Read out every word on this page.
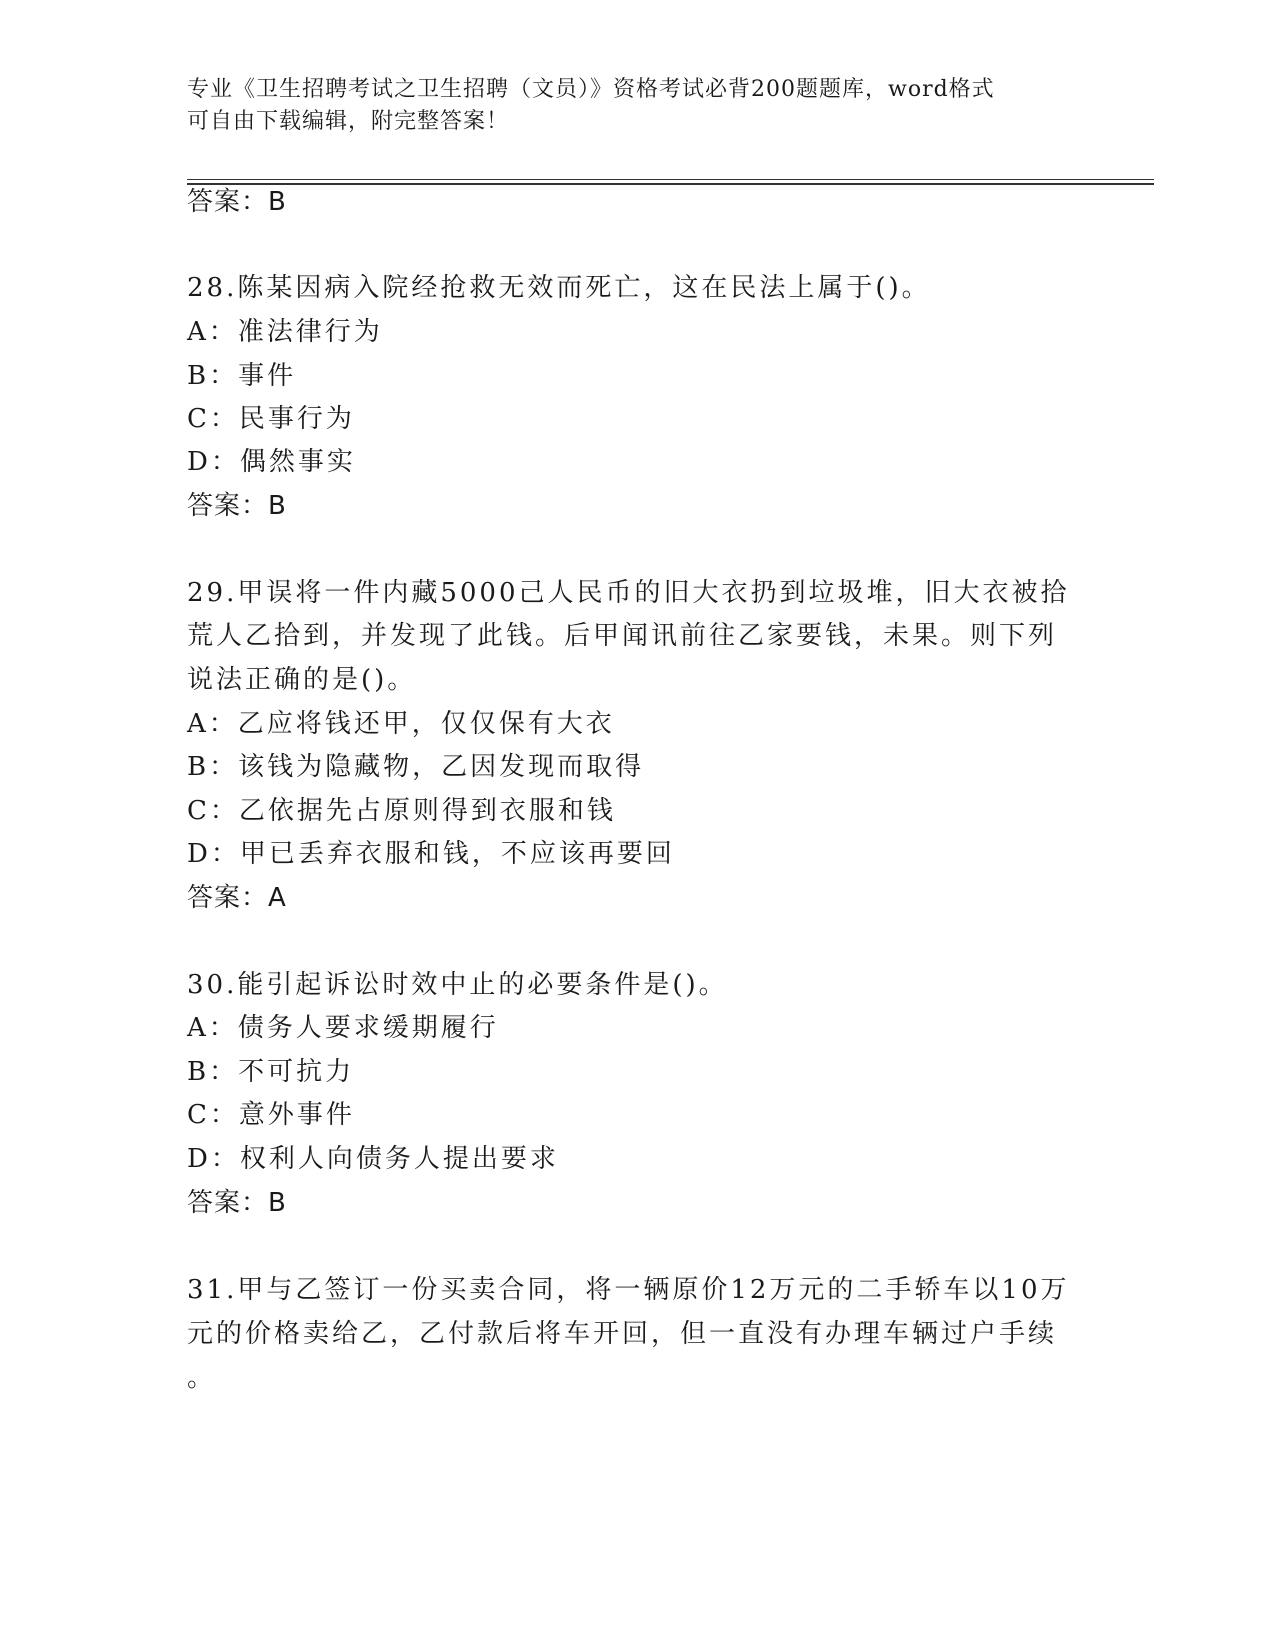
专业《卫生招聘考试之卫生招聘（文员）》资格考试必背200题题库，word格式
可自由下载编辑，附完整答案！
答案：B
28.陈某因病入院经抢救无效而死亡，这在民法上属于()。
A：准法律行为
B：事件
C：民事行为
D：偶然事实
答案：B
29.甲误将一件内藏5000己人民币的旧大衣扔到垃圾堆，旧大衣被拾
荒人乙拾到，并发现了此钱。后甲闻讯前往乙家要钱，未果。则下列
说法正确的是()。
A：乙应将钱还甲，仅仅保有大衣
B：该钱为隐藏物，乙因发现而取得
C：乙依据先占原则得到衣服和钱
D：甲已丢弃衣服和钱，不应该再要回
答案：A
30.能引起诉讼时效中止的必要条件是()。
A：债务人要求缓期履行
B：不可抗力
C：意外事件
D：权利人向债务人提出要求
答案：B
31.甲与乙签订一份买卖合同，将一辆原价12万元的二手轿车以10万
元的价格卖给乙，乙付款后将车开回，但一直没有办理车辆过户手续
。
